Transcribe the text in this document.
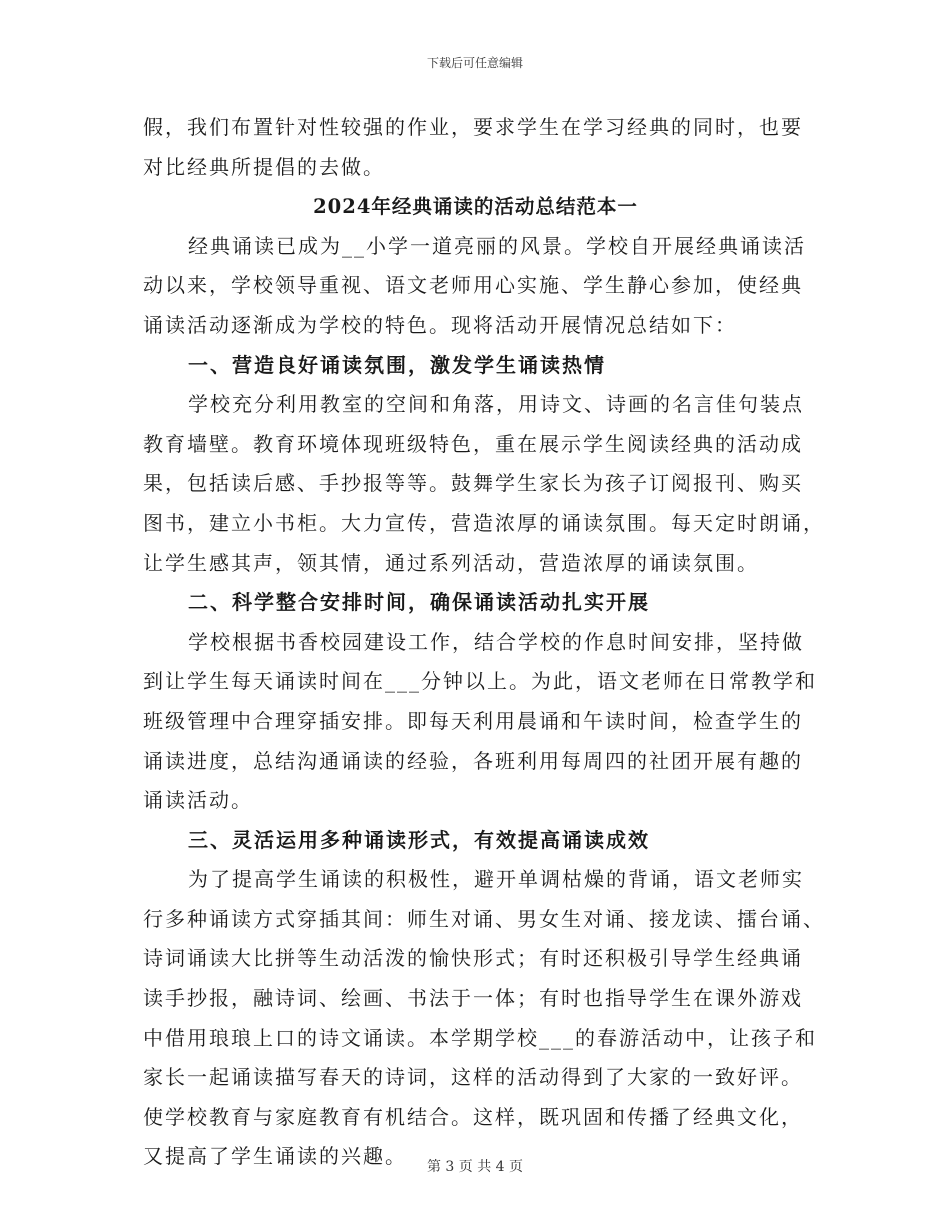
下载后可任意编辑
假，我们布置针对性较强的作业，要求学生在学习经典的同时，也要
对比经典所提倡的去做。
2024年经典诵读的活动总结范本一
经典诵读已成为__小学一道亮丽的风景。学校自开展经典诵读活
动以来，学校领导重视、语文老师用心实施、学生静心参加，使经典
诵读活动逐渐成为学校的特色。现将活动开展情况总结如下：
一、营造良好诵读氛围，激发学生诵读热情
学校充分利用教室的空间和角落，用诗文、诗画的名言佳句装点
教育墙壁。教育环境体现班级特色，重在展示学生阅读经典的活动成
果，包括读后感、手抄报等等。鼓舞学生家长为孩子订阅报刊、购买
图书，建立小书柜。大力宣传，营造浓厚的诵读氛围。每天定时朗诵，
让学生感其声，领其情，通过系列活动，营造浓厚的诵读氛围。
二、科学整合安排时间，确保诵读活动扎实开展
学校根据书香校园建设工作，结合学校的作息时间安排，坚持做
到让学生每天诵读时间在___分钟以上。为此，语文老师在日常教学和
班级管理中合理穿插安排。即每天利用晨诵和午读时间，检查学生的
诵读进度，总结沟通诵读的经验，各班利用每周四的社团开展有趣的
诵读活动。
三、灵活运用多种诵读形式，有效提高诵读成效
为了提高学生诵读的积极性，避开单调枯燥的背诵，语文老师实
行多种诵读方式穿插其间：师生对诵、男女生对诵、接龙读、擂台诵、
诗词诵读大比拼等生动活泼的愉快形式；有时还积极引导学生经典诵
读手抄报，融诗词、绘画、书法于一体；有时也指导学生在课外游戏
中借用琅琅上口的诗文诵读。本学期学校___的春游活动中，让孩子和
家长一起诵读描写春天的诗词，这样的活动得到了大家的一致好评。
使学校教育与家庭教育有机结合。这样，既巩固和传播了经典文化，
又提高了学生诵读的兴趣。	第 3 页 共 4 页
